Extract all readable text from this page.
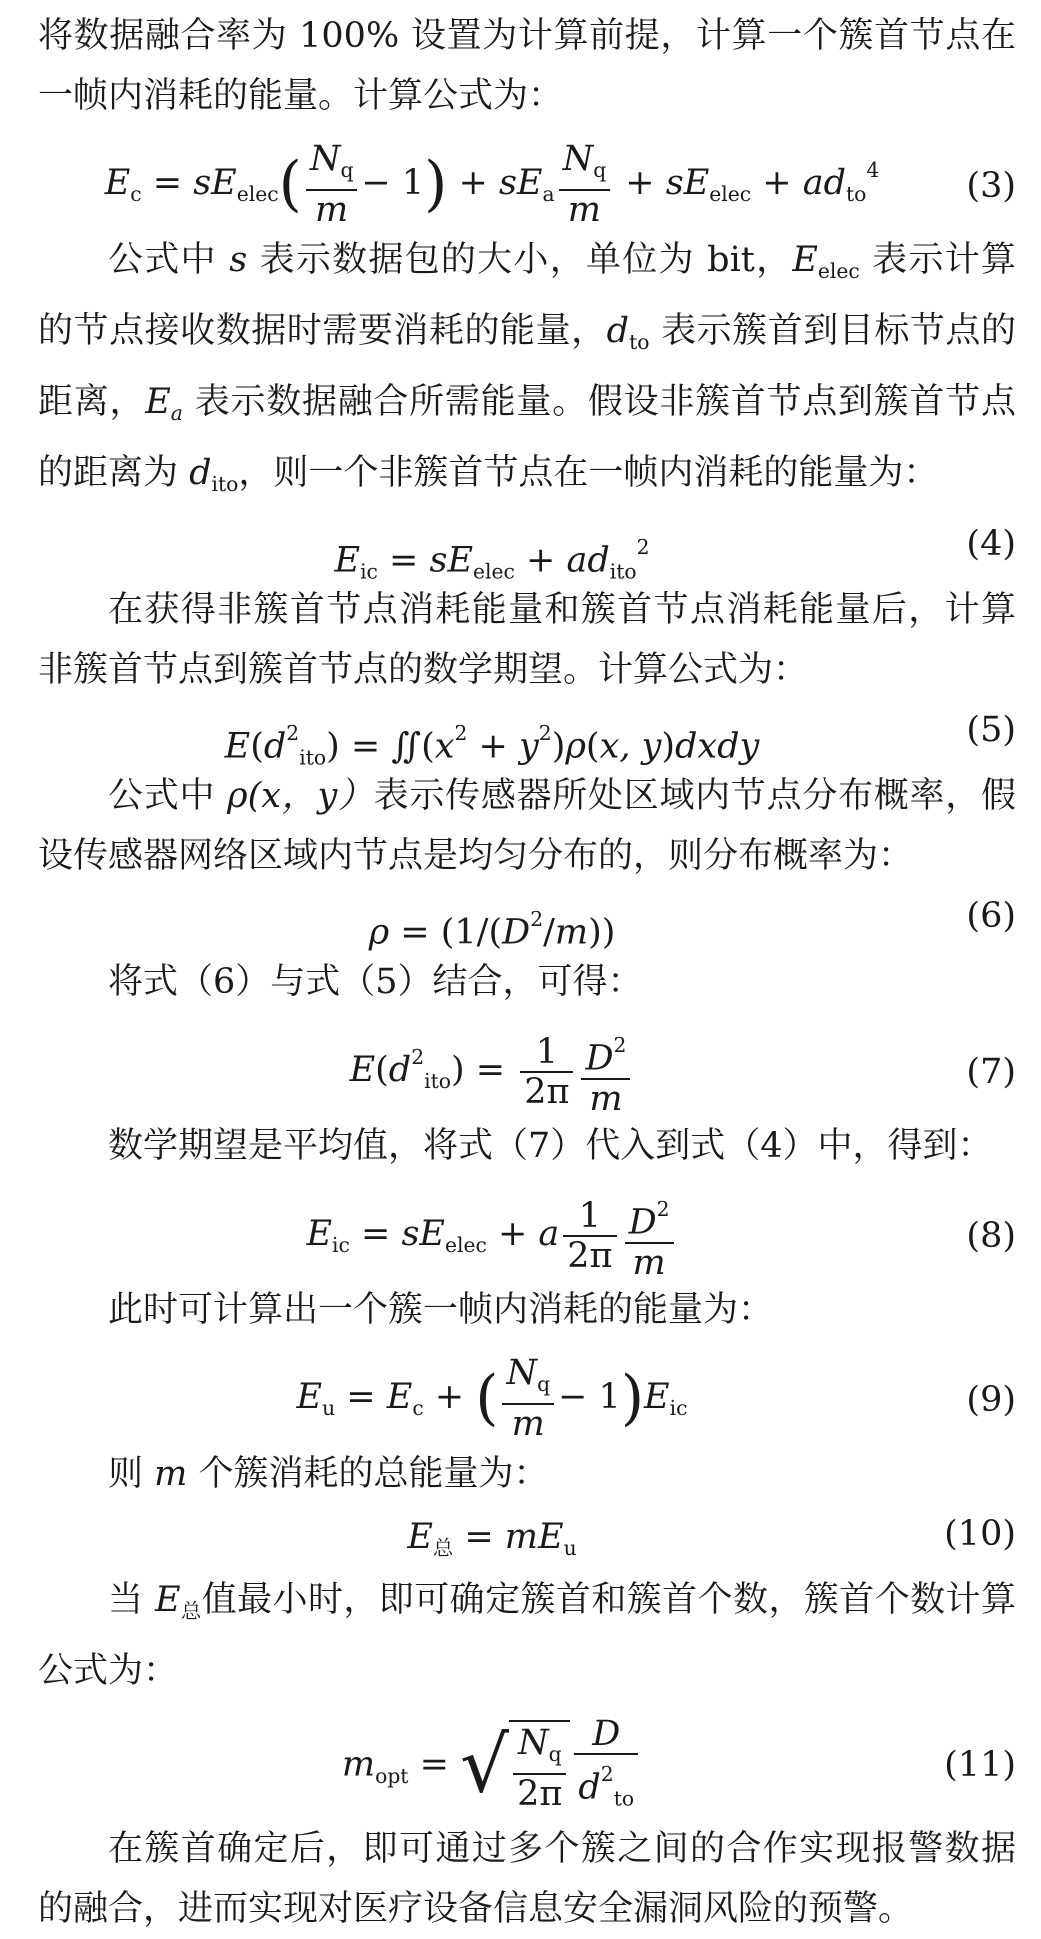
将数据融合率为 100% 设置为计算前提，计算一个簇首节点在一帧内消耗的能量。计算公式为：

$E_c = sE_{elec}( \frac{N_q}{m} - 1) + sE_a \frac{N_q}{m} + sE_{elec} + ad_{to}^4$	(3)

公式中 s 表示数据包的大小，单位为 bit，$E_{elec}$ 表示计算的节点接收数据时需要消耗的能量，$d_{to}$ 表示簇首到目标节点的距离，$E_a$ 表示数据融合所需能量。假设非簇首节点到簇首节点的距离为 $d_{ito}$，则一个非簇首节点在一帧内消耗的能量为：

$E_{ic} = sE_{elec} + ad_{ito}^2$	(4)

在获得非簇首节点消耗能量和簇首节点消耗能量后，计算非簇首节点到簇首节点的数学期望。计算公式为：

$E(d^2_{ito})$ = $∬(x^2 + y^2)\rho(x$, y)dxdy	(5)

公式中 ρ(x，y）表示传感器所处区域内节点分布概率，假设传感器网络区域内节点是均匀分布的，则分布概率为：

$\rho = (1/(D^2/m))$	(6)

将式（6）与式（5）结合，可得：

$E(d^2_{ito}) = \frac{1}{2\pi} \frac{D^2}{m}$	(7)

数学期望是平均值，将式（7）代入到式（4）中，得到：

$E_{ic} = sE_{elec} + a \frac{1}{2\pi} \frac{D^2}{m}$	(8)

此时可计算出一个簇一帧内消耗的能量为：

$E_u = E_c$ + ( $\frac{N_q}{m} - 1)E_{ic}$	(9)

则 m 个簇消耗的总能量为：

$E_总 = mE_u$	(10)

当 $E_总$值最小时，即可确定簇首和簇首个数，簇首个数计算公式为：

$m_{opt}$ = √ $\frac{N_q}{2\pi} \frac{D}{d^2_{to}}$	(11)

在簇首确定后，即可通过多个簇之间的合作实现报警数据的融合，进而实现对医疗设备信息安全漏洞风险的预警。
